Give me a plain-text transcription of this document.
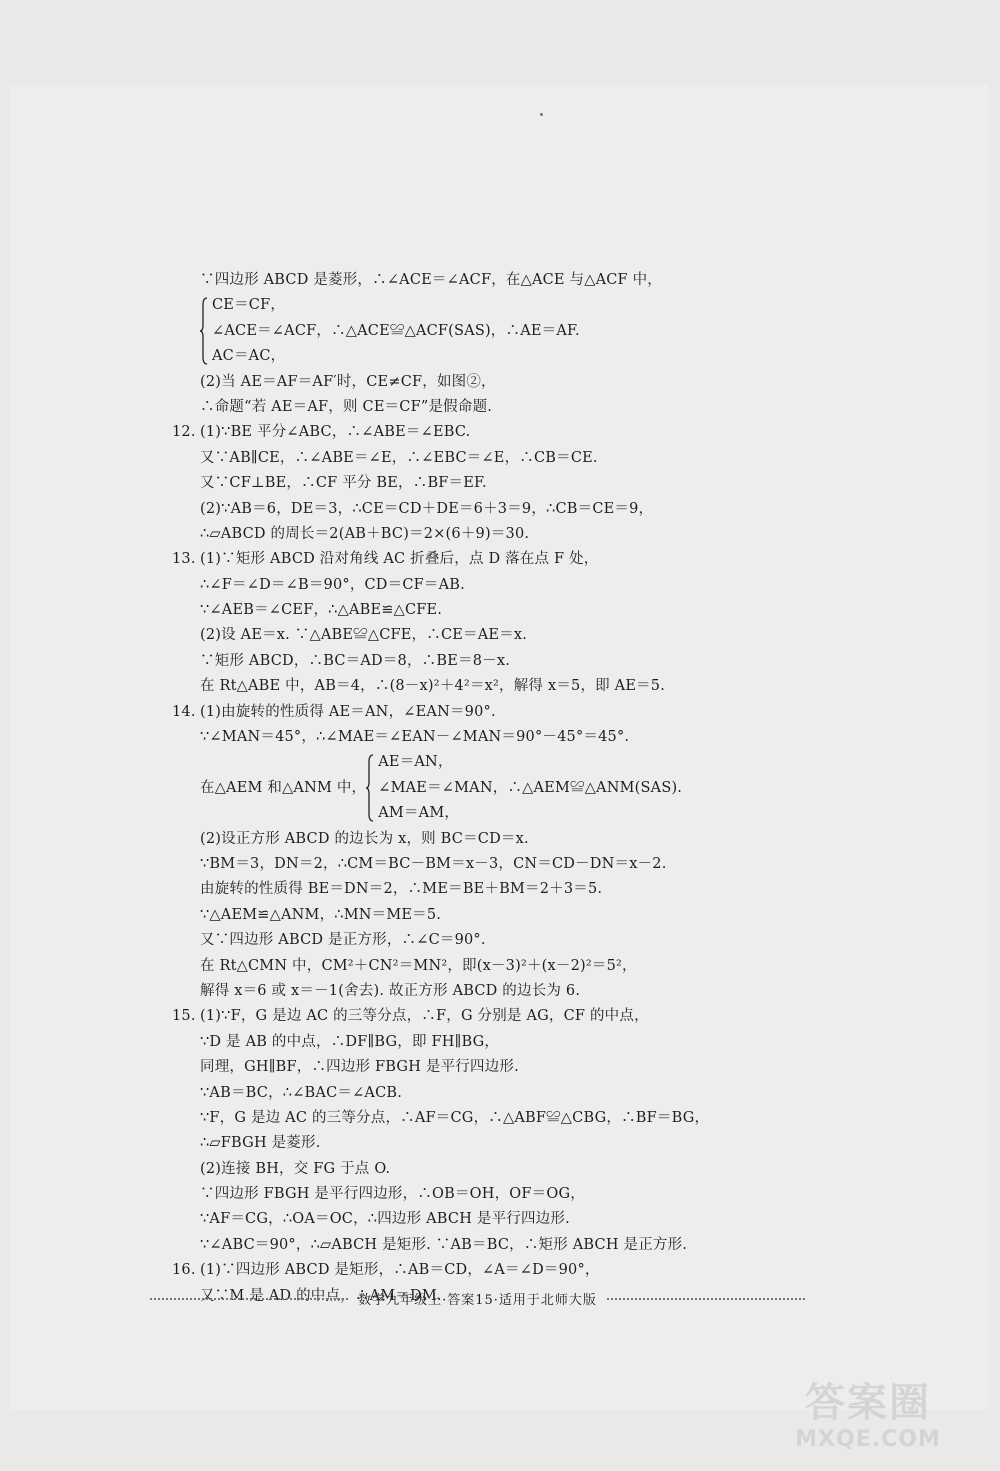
∵四边形 ABCD 是菱形，∴∠ACE＝∠ACF，在△ACE 与△ACF 中，
CE＝CF，
∠ACE＝∠ACF，∴△ACE≌△ACF(SAS)，∴AE＝AF.
AC＝AC，
(2)当 AE＝AF＝AF′时，CE≠CF，如图②，
∴命题“若 AE＝AF，则 CE＝CF”是假命题.
12. (1)∵BE 平分∠ABC，∴∠ABE＝∠EBC.
又∵AB∥CE，∴∠ABE＝∠E，∴∠EBC＝∠E，∴CB＝CE.
又∵CF⊥BE，∴CF 平分 BE，∴BF＝EF.
(2)∵AB＝6，DE＝3，∴CE＝CD＋DE＝6＋3＝9，∴CB＝CE＝9，
∴▱ABCD 的周长＝2(AB＋BC)＝2×(6＋9)＝30.
13. (1)∵矩形 ABCD 沿对角线 AC 折叠后，点 D 落在点 F 处，
∴∠F＝∠D＝∠B＝90°，CD＝CF＝AB.
∵∠AEB＝∠CEF，∴△ABE≌△CFE.
(2)设 AE＝x. ∵△ABE≌△CFE，∴CE＝AE＝x.
∵矩形 ABCD，∴BC＝AD＝8，∴BE＝8－x.
在 Rt△ABE 中，AB＝4，∴(8－x)²＋4²＝x²，解得 x＝5，即 AE＝5.
14. (1)由旋转的性质得 AE＝AN，∠EAN＝90°.
∵∠MAN＝45°，∴∠MAE＝∠EAN－∠MAN＝90°－45°＝45°.
在△AEM 和△ANM 中，
AE＝AN，
∠MAE＝∠MAN，∴△AEM≌△ANM(SAS).
AM＝AM，
(2)设正方形 ABCD 的边长为 x，则 BC＝CD＝x.
∵BM＝3，DN＝2，∴CM＝BC－BM＝x－3，CN＝CD－DN＝x－2.
由旋转的性质得 BE＝DN＝2，∴ME＝BE＋BM＝2＋3＝5.
∵△AEM≌△ANM，∴MN＝ME＝5.
又∵四边形 ABCD 是正方形，∴∠C＝90°.
在 Rt△CMN 中，CM²＋CN²＝MN²，即(x－3)²＋(x－2)²＝5²，
解得 x＝6 或 x＝－1(舍去). 故正方形 ABCD 的边长为 6.
15. (1)∵F，G 是边 AC 的三等分点，∴F，G 分别是 AG，CF 的中点，
∵D 是 AB 的中点，∴DF∥BG，即 FH∥BG，
同理，GH∥BF，∴四边形 FBGH 是平行四边形.
∵AB＝BC，∴∠BAC＝∠ACB.
∵F，G 是边 AC 的三等分点，∴AF＝CG，∴△ABF≌△CBG，∴BF＝BG，
∴▱FBGH 是菱形.
(2)连接 BH，交 FG 于点 O.
∵四边形 FBGH 是平行四边形，∴OB＝OH，OF＝OG，
∵AF＝CG，∴OA＝OC，∴四边形 ABCH 是平行四边形.
∵∠ABC＝90°，∴▱ABCH 是矩形. ∵AB＝BC，∴矩形 ABCH 是正方形.
16. (1)∵四边形 ABCD 是矩形，∴AB＝CD，∠A＝∠D＝90°，
又∵M 是 AD 的中点，∴AM＝DM.
数学九年级上·答案15·适用于北师大版
答案圈
MXQE.COM
